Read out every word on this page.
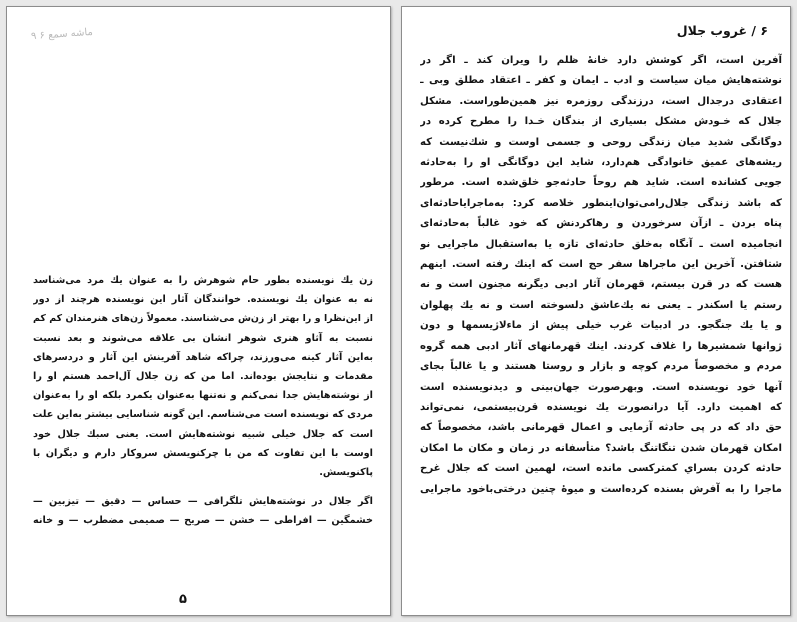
ماشه سمع ۶ ۹
زن یك نویسنده بطور حام شوهرش را به عنوان یك مرد می‌شناسد
نه به عنوان یك نویسنده. خوانندگان آثار این نویسنده هرچند از دور
از این‌نظرا و را بهتر از زن‌ش می‌شناسند. معمولاً زن‌های هنرمندان کم کم
نسبت به آثاو هنری شوهر انشان بی علاقه می‌شوند و بعد نسبت
به‌این آثار کینه می‌ورزند، چراکه شاهد آفرینش این آثار و دردسرهای
مقدمات و نتایجش بوده‌اند. اما من که زن جلال آل‌احمد هستم او را
از نوشته‌هایش جدا نمی‌کنم و نه‌تنها به‌عنوان یکمرد بلکه او را به‌عنوان
مردی که نویسنده است می‌شناسم. این گونه شناسایی بیشتر به‌این علت
است که جلال خیلی شبیه نوشته‌هایش است. یعنی سبك جلال خود
اوست با این تفاوت که من با چرکنویسش سروکار دارم و دیگران با
پاکنویسش.
اگر جلال در نوشته‌هایش تلگرافی — حساس — دقیق — تیزبین —
خشمگین — افراطی — خشن — صریح — صمیمی مضطرب — و خانه
۵
۶ / غروب جلال
آفرین است، اگر کوشش دارد خانهٔ ظلم را ویران کند ـ اگر در
نوشته‌هایش میان سیاست و ادب ـ ایمان و کفر ـ اعتقاد مطلق وبی ـ
اعتقادی درجدال است، درزندگی روزمره نیز همین‌طوراست. مشکل
جلال که خـودش مشکل بسیاری از بندگان خـدا را مطرح کرده در
دوگانگی شدید میان زندگی روحی و جسمی اوست و شك‌نیست که
ریشه‌های عمیق خانوادگی هم‌دارد، شاید این دوگانگی او را به‌حادثه
جویی کشانده است. شاید هم روحاً حادثه‌جو خلق‌شده است. مرطور
که باشد زندگی جلال‌رامی‌توان‌اینطور خلاصه کرد: به‌ماجرایاحادثه‌ای
پناه بردن ـ ازآن سرخوردن و رهاکردنش که خود غالباً به‌حادثه‌ای
انجامیده است ـ آنگاه به‌خلق حادثه‌ای تازه یا به‌استقبال ماجرایی نو
شتافتن. آخرین این ماجراها سفر حج است که اینك رفته است. اینهم
هست که در قرن بیستم، قهرمان آثار ادبی دیگرنه مجنون است و نه
رستم یا اسکندر ـ یعنی نه یك‌عاشق دلسوخته است و نه یك پهلوان
و یا یك جنگجو. در ادبیات غرب خیلی پیش از ماءلاژیسمها و دون
ژوانها شمشیرها را غلاف کردند. اینك قهرمانهای آثار ادبی همه گروه
مردم و مخصوصاً مردم کوچه و بازار و روستا هستند و یا غالباً بجای
آنها خود نویسنده است. وبهرصورت جهان‌بینی و دیدنویسنده است
که اهمیت دارد. آیا درانصورت یك نویسنده قرن‌بیستمی، نمی‌تواند
حق داد که در پی حادثه آزمایی و اعمال قهرمانی باشد، مخصوصاً که
امکان قهرمان شدن تنگاتنگ باشد؟ متأسفانه در زمان و مکان ما امکان
حادثه کردن بسراي كمتركسى مانده است، لهمين است كه جلال غرح
ماجرا را به آفرش بسنده کرده‌است و میوهٔ چنین درختی‌باخود ماجرایی
